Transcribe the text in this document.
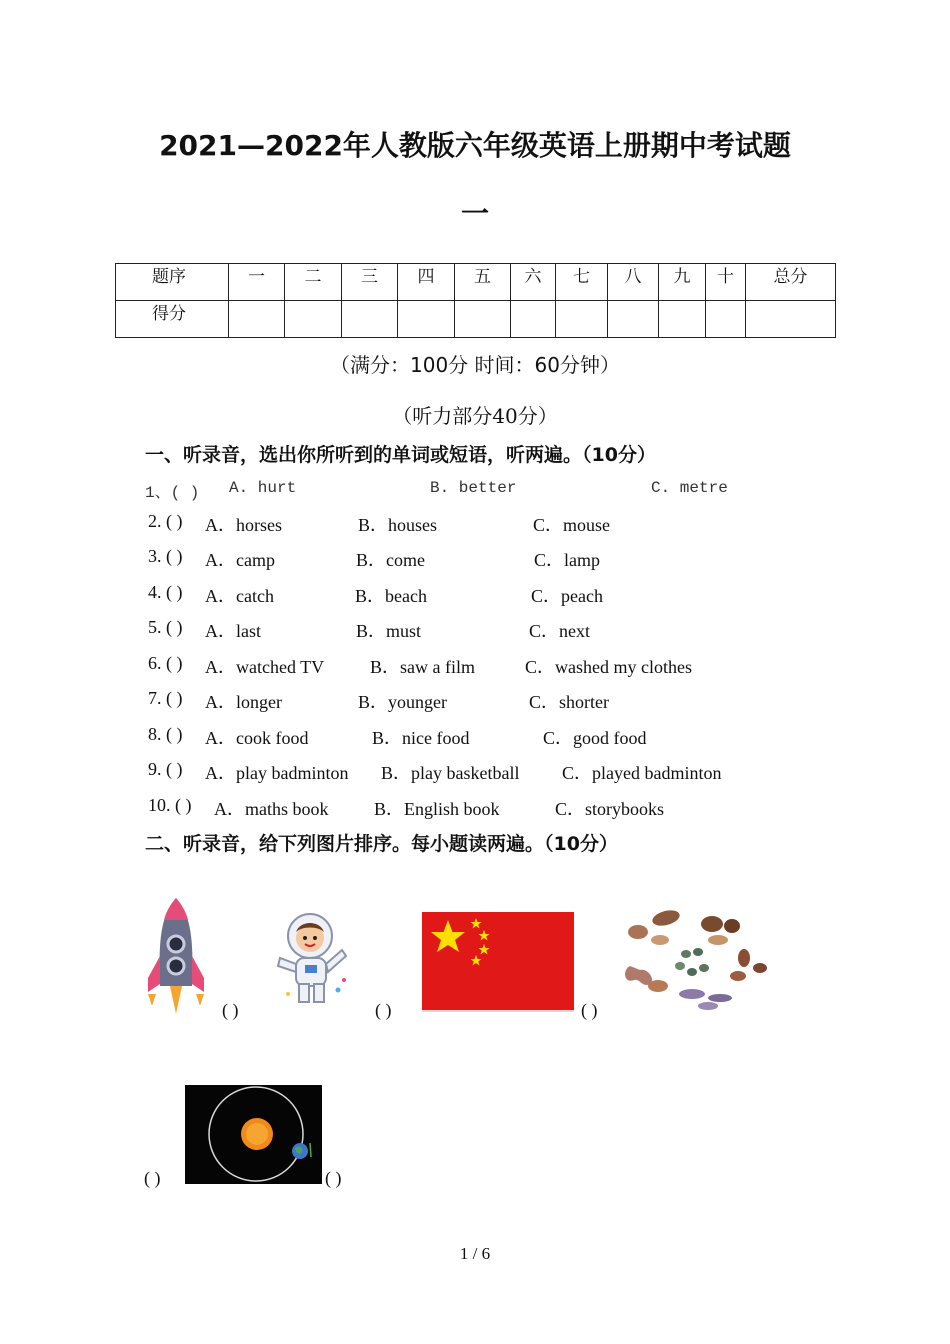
2021—2022年人教版六年级英语上册期中考试题
一
题序	一	二	三	四	五	六	七	八	九	十	总分
得分											
（满分：100分 时间：60分钟）
（听力部分40分）
一、听录音，选出你所听到的单词或短语，听两遍。（10分）
1、( ) A. hurt	B. better	C. metre
2. ( ) A．horses	B．houses	C．mouse
3. ( ) A．camp	B．come	C．lamp
4. ( ) A．catch	B．beach	C．peach
5. ( ) A．last	B．must	C．next
6. ( ) A．watched TV	B．saw a film	C．washed my clothes
7. ( ) A．longer	B．younger	C．shorter
8. ( ) A．cook food	B．nice food	C．good food
9. ( ) A．play badminton B．play basketball C．played badminton
10. ( ) A．maths book	B．English book	C．storybooks
二、听录音，给下列图片排序。每小题读两遍。（10分）
( )	( )	( )
( )	( )
1 / 6
